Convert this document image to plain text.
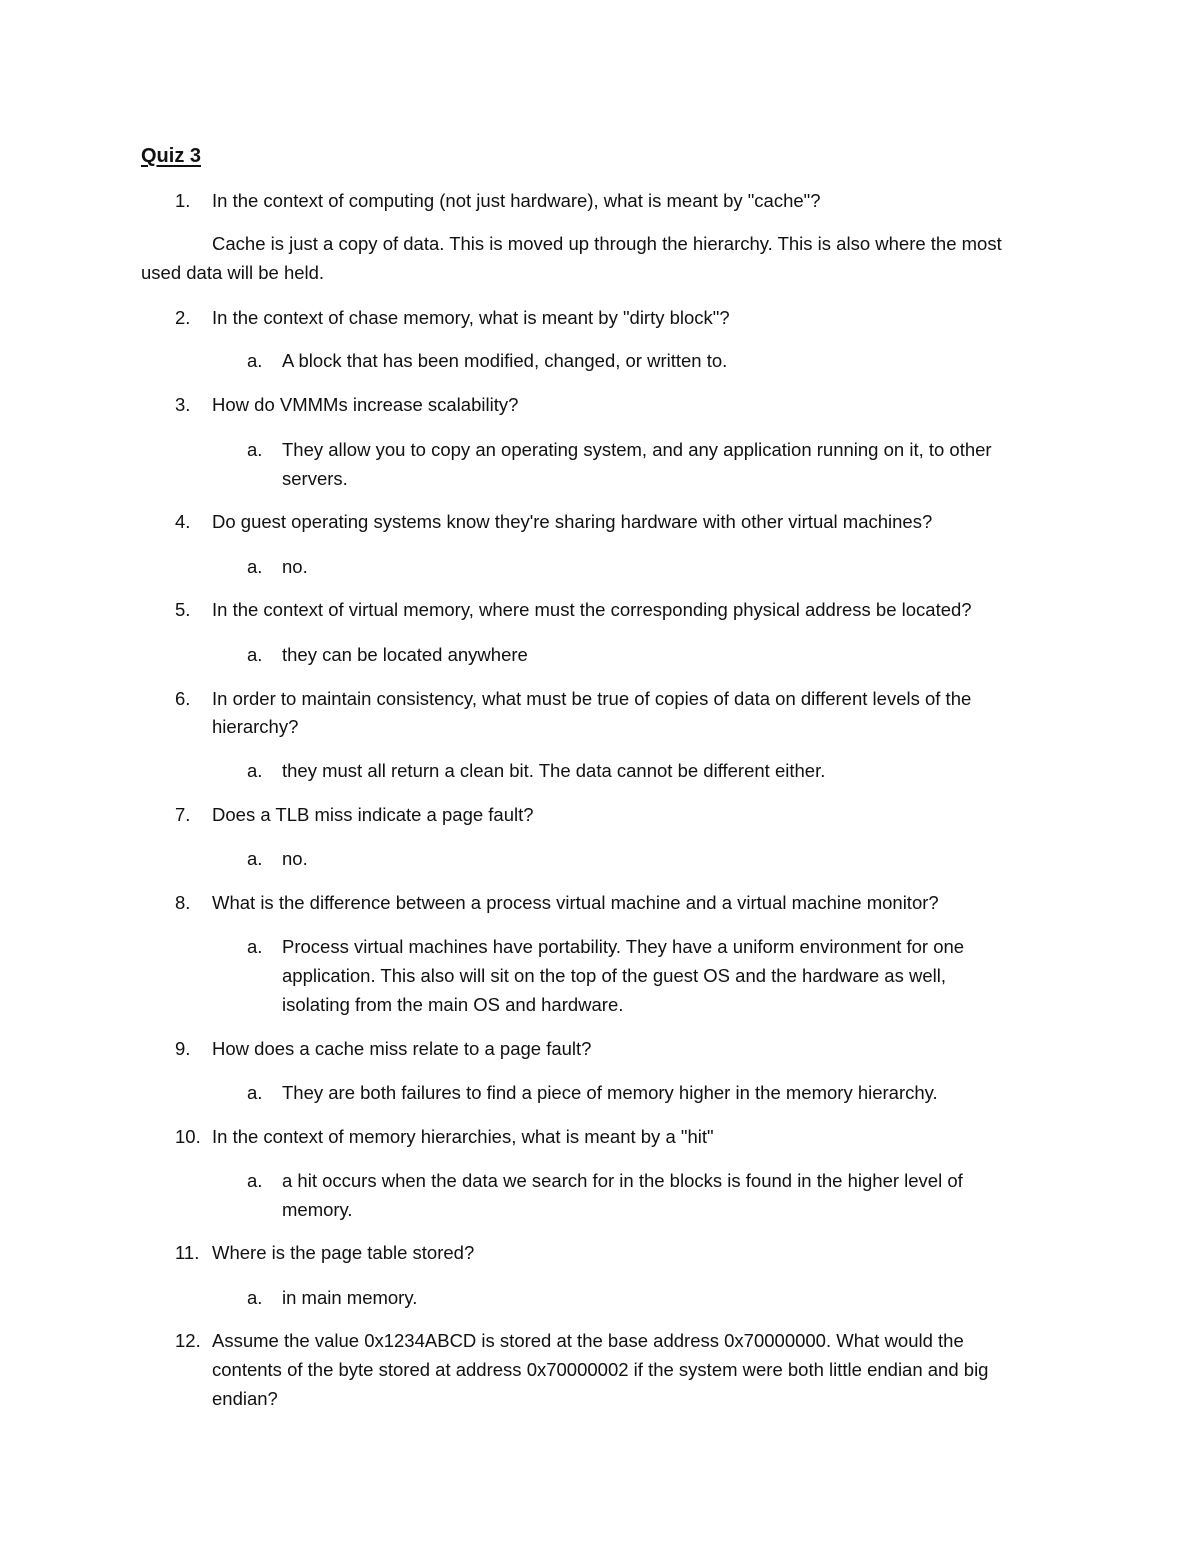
Quiz 3
1. In the context of computing (not just hardware), what is meant by "cache"?
Cache is just a copy of data. This is moved up through the hierarchy. This is also where the most
used data will be held.
2. In the context of chase memory, what is meant by "dirty block"?
a. A block that has been modified, changed, or written to.
3. How do VMMMs increase scalability?
a. They allow you to copy an operating system, and any application running on it, to other
servers.
4. Do guest operating systems know they're sharing hardware with other virtual machines?
a. no.
5. In the context of virtual memory, where must the corresponding physical address be located?
a. they can be located anywhere
6. In order to maintain consistency, what must be true of copies of data on different levels of the
hierarchy?
a. they must all return a clean bit. The data cannot be different either.
7. Does a TLB miss indicate a page fault?
a. no.
8. What is the difference between a process virtual machine and a virtual machine monitor?
a. Process virtual machines have portability. They have a uniform environment for one
application. This also will sit on the top of the guest OS and the hardware as well,
isolating from the main OS and hardware.
9. How does a cache miss relate to a page fault?
a. They are both failures to find a piece of memory higher in the memory hierarchy.
10. In the context of memory hierarchies, what is meant by a "hit"
a. a hit occurs when the data we search for in the blocks is found in the higher level of
memory.
11. Where is the page table stored?
a. in main memory.
12. Assume the value 0x1234ABCD is stored at the base address 0x70000000. What would the
contents of the byte stored at address 0x70000002 if the system were both little endian and big
endian?
